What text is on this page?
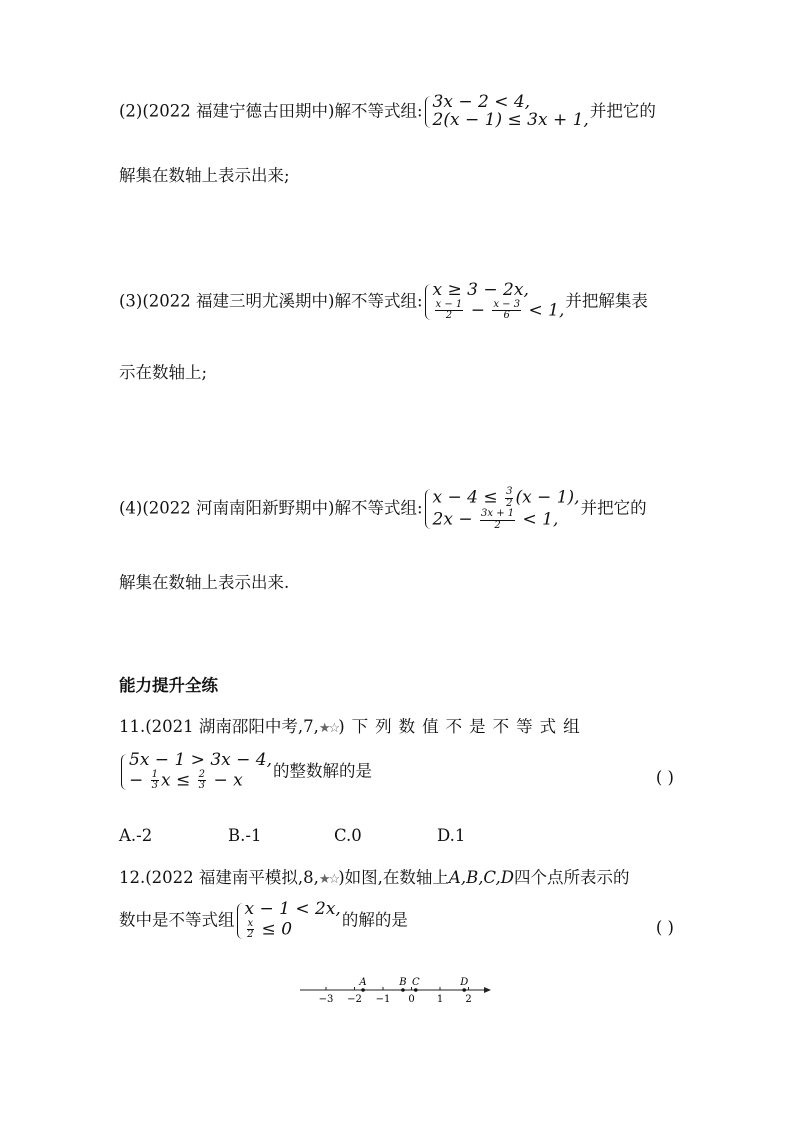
(2)(2022 福建宁德古田期中)解不等式组: 3x − 2 < 4,
2(x − 1) ≤ 3x + 1, 并把它的
解集在数轴上表示出来;
(3)(2022 福建三明尤溪期中)解不等式组:
x ≥ 3 − 2x,
$\frac{x - 1}{2} - \frac{x - 3}{6} < 1$, 并把解集表
示在数轴上;
(4)(2022 河南南阳新野期中)解不等式组:
$x - 4 \le \frac{3}{2} (x - 1)$,
$2x - \frac{3x + 1}{2} < 1$,
并把它的
解集在数轴上表示出来.
能力提升全练
11.(2021 湖南邵阳中考,7,★☆)下列数值不是不等式组
5x − 1 > 3x − 4,
− $\frac{1}{3}$ $x \le \frac{2}{3} - x$	的整数解的是	( )
A.-2	B.-1	C.0	D.1
12.(2022 福建南平模拟,8,★☆)如图,在数轴上A,B,C,D四个点所表示的
数中是不等式组
x − 1 < 2x,
$\frac{x}{2} \le 0$	的解的是	( )
−3 −2 −1 0 1 2
A	B C	D
